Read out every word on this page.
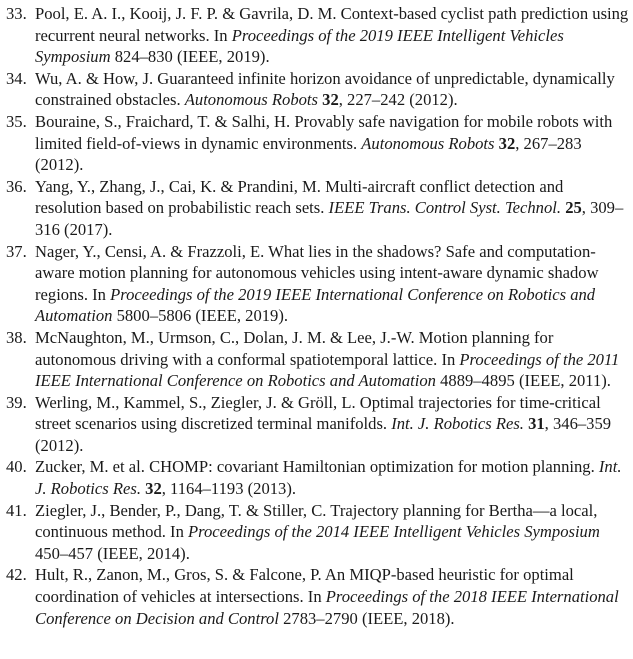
33. Pool, E. A. I., Kooij, J. F. P. & Gavrila, D. M. Context-based cyclist path prediction using recurrent neural networks. In Proceedings of the 2019 IEEE Intelligent Vehicles Symposium 824–830 (IEEE, 2019).
34. Wu, A. & How, J. Guaranteed infinite horizon avoidance of unpredictable, dynamically constrained obstacles. Autonomous Robots 32, 227–242 (2012).
35. Bouraine, S., Fraichard, T. & Salhi, H. Provably safe navigation for mobile robots with limited field-of-views in dynamic environments. Autonomous Robots 32, 267–283 (2012).
36. Yang, Y., Zhang, J., Cai, K. & Prandini, M. Multi-aircraft conflict detection and resolution based on probabilistic reach sets. IEEE Trans. Control Syst. Technol. 25, 309–316 (2017).
37. Nager, Y., Censi, A. & Frazzoli, E. What lies in the shadows? Safe and computation-aware motion planning for autonomous vehicles using intent-aware dynamic shadow regions. In Proceedings of the 2019 IEEE International Conference on Robotics and Automation 5800–5806 (IEEE, 2019).
38. McNaughton, M., Urmson, C., Dolan, J. M. & Lee, J.-W. Motion planning for autonomous driving with a conformal spatiotemporal lattice. In Proceedings of the 2011 IEEE International Conference on Robotics and Automation 4889–4895 (IEEE, 2011).
39. Werling, M., Kammel, S., Ziegler, J. & Gröll, L. Optimal trajectories for time-critical street scenarios using discretized terminal manifolds. Int. J. Robotics Res. 31, 346–359 (2012).
40. Zucker, M. et al. CHOMP: covariant Hamiltonian optimization for motion planning. Int. J. Robotics Res. 32, 1164–1193 (2013).
41. Ziegler, J., Bender, P., Dang, T. & Stiller, C. Trajectory planning for Bertha—a local, continuous method. In Proceedings of the 2014 IEEE Intelligent Vehicles Symposium 450–457 (IEEE, 2014).
42. Hult, R., Zanon, M., Gros, S. & Falcone, P. An MIQP-based heuristic for optimal coordination of vehicles at intersections. In Proceedings of the 2018 IEEE International Conference on Decision and Control 2783–2790 (IEEE, 2018).
